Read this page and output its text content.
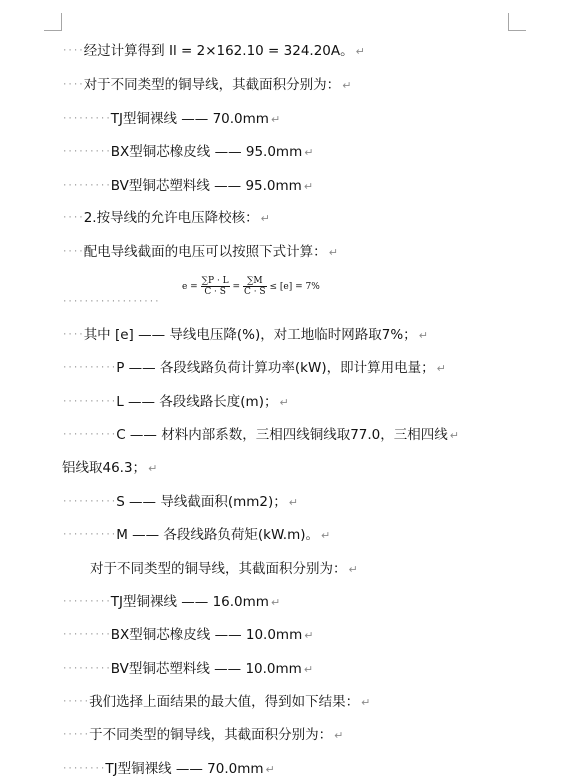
····经过计算得到 Il = 2×162.10 = 324.20A。 ↵
····对于不同类型的铜导线，其截面积分别为： ↵
·········TJ型铜裸线 —— 70.0mm ↵
·········BX型铜芯橡皮线 —— 95.0mm ↵
·········BV型铜芯塑料线 —— 95.0mm ↵
····2.按导线的允许电压降校核： ↵
····配电导线截面的电压可以按照下式计算： ↵
····其中 [e] —— 导线电压降(%)，对工地临时网路取7%； ↵
··········P —— 各段线路负荷计算功率(kW)，即计算用电量； ↵
··········L —— 各段线路长度(m)； ↵
··········C —— 材料内部系数，三相四线铜线取77.0，三相四线 ↵
铝线取46.3； ↵
··········S —— 导线截面积(mm2)； ↵
··········M —— 各段线路负荷矩(kW.m)。 ↵
对于不同类型的铜导线，其截面积分别为： ↵
·········TJ型铜裸线 —— 16.0mm ↵
·········BX型铜芯橡皮线 —— 10.0mm ↵
·········BV型铜芯塑料线 —— 10.0mm ↵
·····我们选择上面结果的最大值，得到如下结果： ↵
·····于不同类型的铜导线，其截面积分别为： ↵
········TJ型铜裸线 —— 70.0mm ↵
$e = \frac{\sum P \cdot L}{C \cdot S} = \frac{\sum M}{C \cdot S} \le [e] = 7\%$
··················
